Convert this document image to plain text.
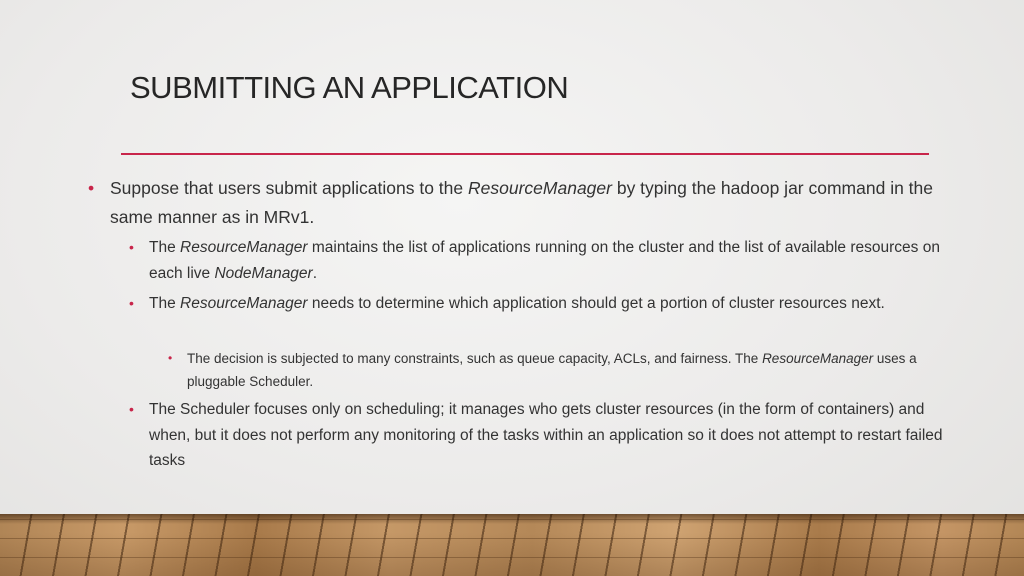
SUBMITTING AN APPLICATION
• Suppose that users submit applications to the ResourceManager by typing the hadoop jar command in the same manner as in MRv1.

• The ResourceManager maintains the list of applications running on the cluster and the list of available resources on each live NodeManager.

• The ResourceManager needs to determine which application should get a portion of cluster resources next.

• The decision is subjected to many constraints, such as queue capacity, ACLs, and fairness. The ResourceManager uses a pluggable Scheduler.

• The Scheduler focuses only on scheduling; it manages who gets cluster resources (in the form of containers) and when, but it does not perform any monitoring of the tasks within an application so it does not attempt to restart failed tasks
